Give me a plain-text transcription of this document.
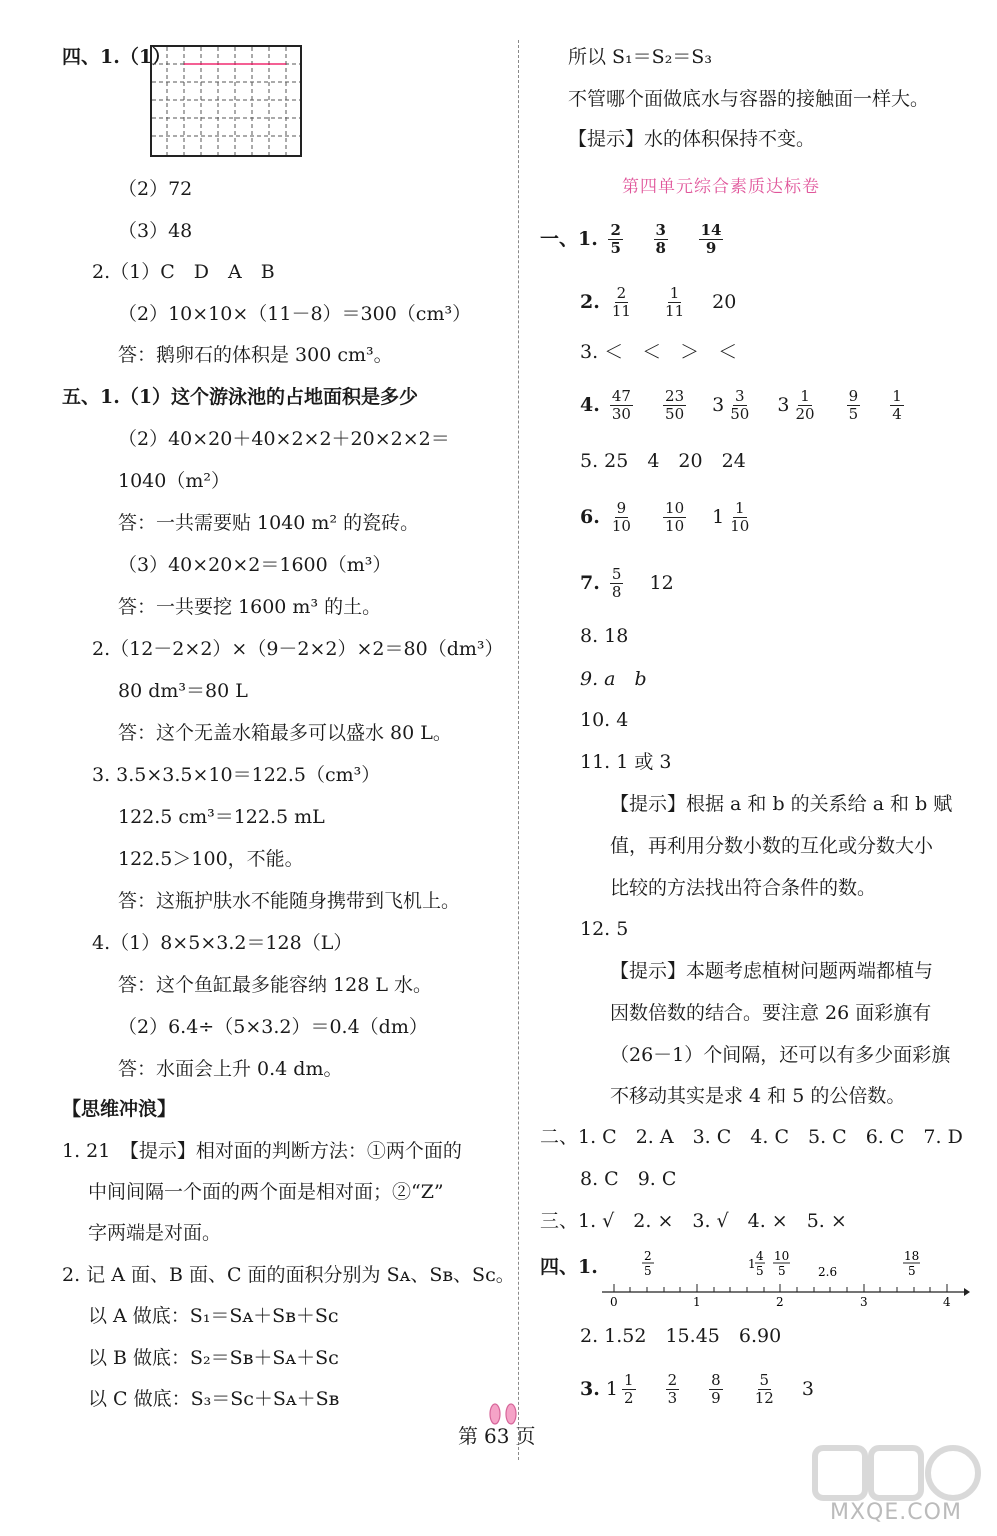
四、1.（1）
（2）72
（3）48
2.（1）C　D　A　B
（2）10×10×（11－8）＝300（cm³）
答：鹅卵石的体积是 300 cm³。
五、1.（1）这个游泳池的占地面积是多少
（2）40×20＋40×2×2＋20×2×2＝
1040（m²）
答：一共需要贴 1040 m² 的瓷砖。
（3）40×20×2＝1600（m³）
答：一共要挖 1600 m³ 的土。
2.（12－2×2）×（9－2×2）×2＝80（dm³）
80 dm³＝80 L
答：这个无盖水箱最多可以盛水 80 L。
3. 3.5×3.5×10＝122.5（cm³）
122.5 cm³＝122.5 mL
122.5＞100，不能。
答：这瓶护肤水不能随身携带到飞机上。
4.（1）8×5×3.2＝128（L）
答：这个鱼缸最多能容纳 128 L 水。
（2）6.4÷（5×3.2）＝0.4（dm）
答：水面会上升 0.4 dm。
【思维冲浪】
1. 21　【提示】相对面的判断方法：①两个面的
中间间隔一个面的两个面是相对面；②“Z”
字两端是对面。
2. 记 A 面、B 面、C 面的面积分别为 Sᴀ、Sʙ、Sᴄ。
以 A 做底：S₁＝Sᴀ＋Sʙ＋Sᴄ
以 B 做底：S₂＝Sʙ＋Sᴀ＋Sᴄ
以 C 做底：S₃＝Sᴄ＋Sᴀ＋Sʙ
所以 S₁＝S₂＝S₃
不管哪个面做底水与容器的接触面一样大。
【提示】水的体积保持不变。
第四单元综合素质达标卷
一、1. $\frac{2}{5}$
$\frac{3}{8}$
$\frac{14}{9}$
2. $\frac{2}{11}$
$\frac{1}{11} 20$
3. ＜　＜　＞　＜
4. $\frac{47}{30}$
$\frac{23}{50} 3 \frac{3}{50} 3 \frac{1}{20}$
$\frac{9}{5}$
$\frac{1}{4}$
5. 25　4　20　24
6. $\frac{9}{10}$
$\frac{10}{10} 1 \frac{1}{10}$
7. $\frac{5}{8} 12$
8. 18
9. a　b
10. 4
11. 1 或 3
【提示】根据 a 和 b 的关系给 a 和 b 赋
值，再利用分数小数的互化或分数大小
比较的方法找出符合条件的数。
12. 5
【提示】本题考虑植树问题两端都植与
因数倍数的结合。要注意 26 面彩旗有
（26－1）个间隔，还可以有多少面彩旗
不移动其实是求 4 和 5 的公倍数。
二、1. C　2. A　3. C　4. C　5. C　6. C　7. D
8. C　9. C
三、1. √　2. ×　3. √　4. ×　5. ×
四、1.
0	1	2	3	4
2
5	1
4
5
10
5	2.6
18
5
2. 1.52　15.45　6.90
3. $1 \frac{1}{2}$
$\frac{2}{3}$
$\frac{8}{9}$
$\frac{5}{12} 3$
第 63 页
MXQE.COM
